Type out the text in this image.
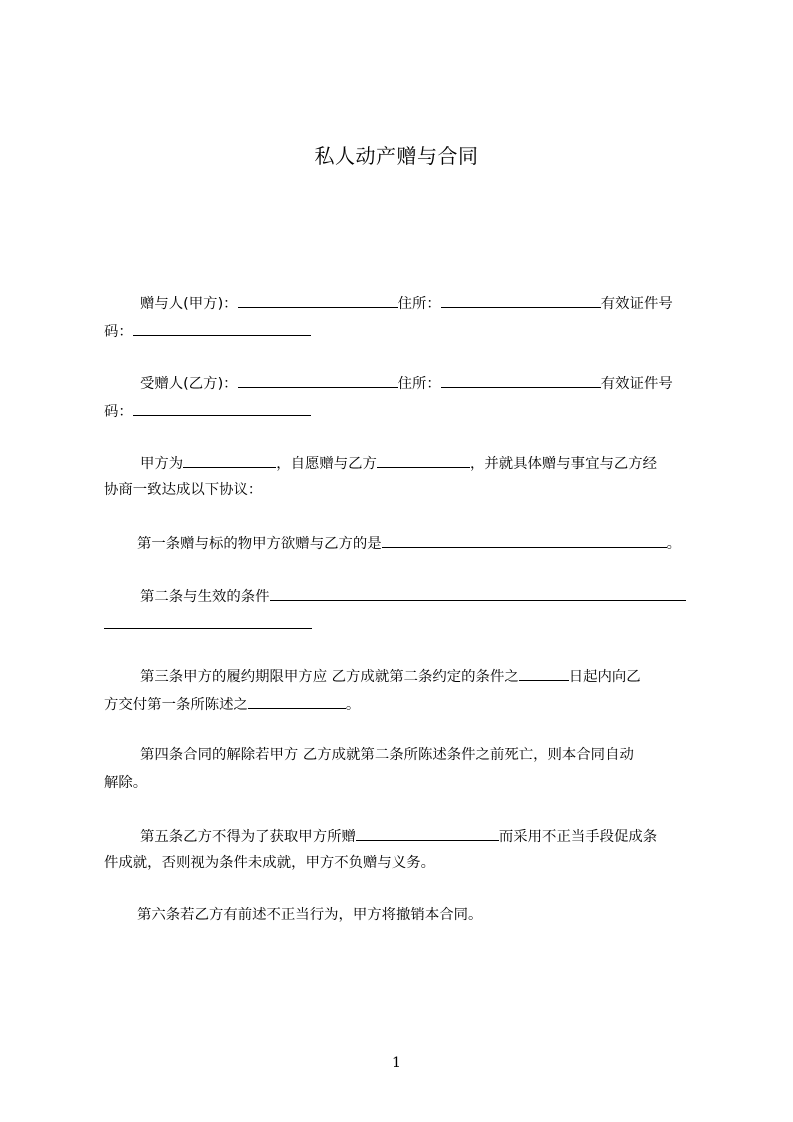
私人动产赠与合同
赠与人(甲方)：	住所：	有效证件号
码：
受赠人(乙方)：	住所：	有效证件号
码：
甲方为	，自愿赠与乙方	，并就具体赠与事宜与乙方经
协商一致达成以下协议：
第一条赠与标的物甲方欲赠与乙方的是	。
第二条与生效的条件
第三条甲方的履约期限甲方应 乙方成就第二条约定的条件之	日起内向乙
方交付第一条所陈述之	。
第四条合同的解除若甲方 乙方成就第二条所陈述条件之前死亡，则本合同自动
解除。
第五条乙方不得为了获取甲方所赠	而采用不正当手段促成条
件成就，否则视为条件未成就，甲方不负赠与义务。
第六条若乙方有前述不正当行为，甲方将撤销本合同。
1
